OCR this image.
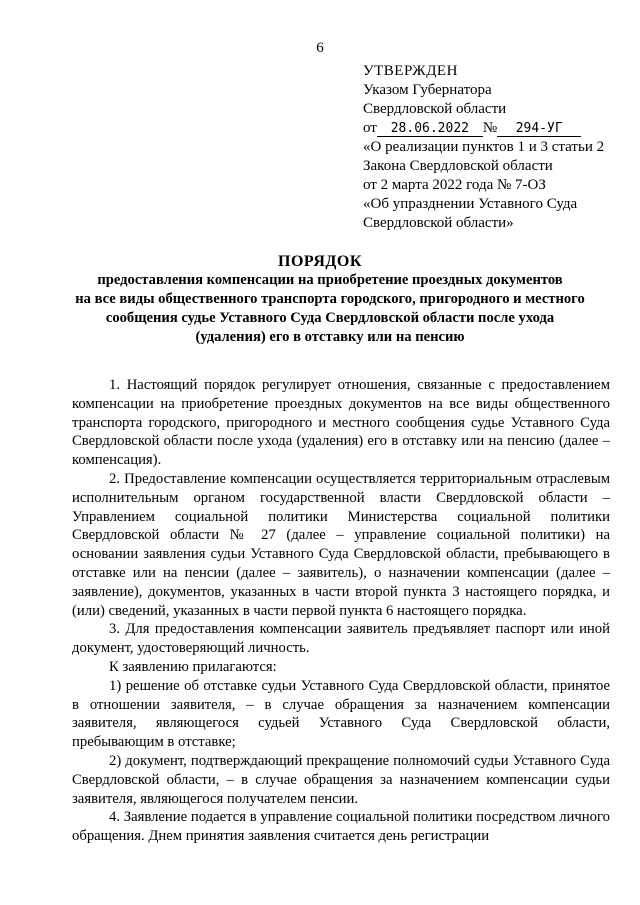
6
УТВЕРЖДЕН
Указом Губернатора
Свердловской области
от 28.06.2022 № 294-УГ
«О реализации пунктов 1 и 3 статьи 2
Закона Свердловской области
от 2 марта 2022 года № 7-ОЗ
«Об упразднении Уставного Суда
Свердловской области»
ПОРЯДОК
предоставления компенсации на приобретение проездных документов
на все виды общественного транспорта городского, пригородного и местного
сообщения судье Уставного Суда Свердловской области после ухода
(удаления) его в отставку или на пенсию

1. Настоящий порядок регулирует отношения, связанные с предоставлением компенсации на приобретение проездных документов на все виды общественного транспорта городского, пригородного и местного сообщения судье Уставного Суда Свердловской области после ухода (удаления) его в отставку или на пенсию (далее – компенсация).

2. Предоставление компенсации осуществляется территориальным отраслевым исполнительным органом государственной власти Свердловской области – Управлением социальной политики Министерства социальной политики Свердловской области № 27 (далее – управление социальной политики) на основании заявления судьи Уставного Суда Свердловской области, пребывающего в отставке или на пенсии (далее – заявитель), о назначении компенсации (далее – заявление), документов, указанных в части второй пункта 3 настоящего порядка, и (или) сведений, указанных в части первой пункта 6 настоящего порядка.

3. Для предоставления компенсации заявитель предъявляет паспорт или иной документ, удостоверяющий личность.

К заявлению прилагаются:

1) решение об отставке судьи Уставного Суда Свердловской области, принятое в отношении заявителя, – в случае обращения за назначением компенсации заявителя, являющегося судьей Уставного Суда Свердловской области, пребывающим в отставке;

2) документ, подтверждающий прекращение полномочий судьи Уставного Суда Свердловской области, – в случае обращения за назначением компенсации судьи заявителя, являющегося получателем пенсии.

4. Заявление подается в управление социальной политики посредством личного обращения. Днем принятия заявления считается день регистрации
